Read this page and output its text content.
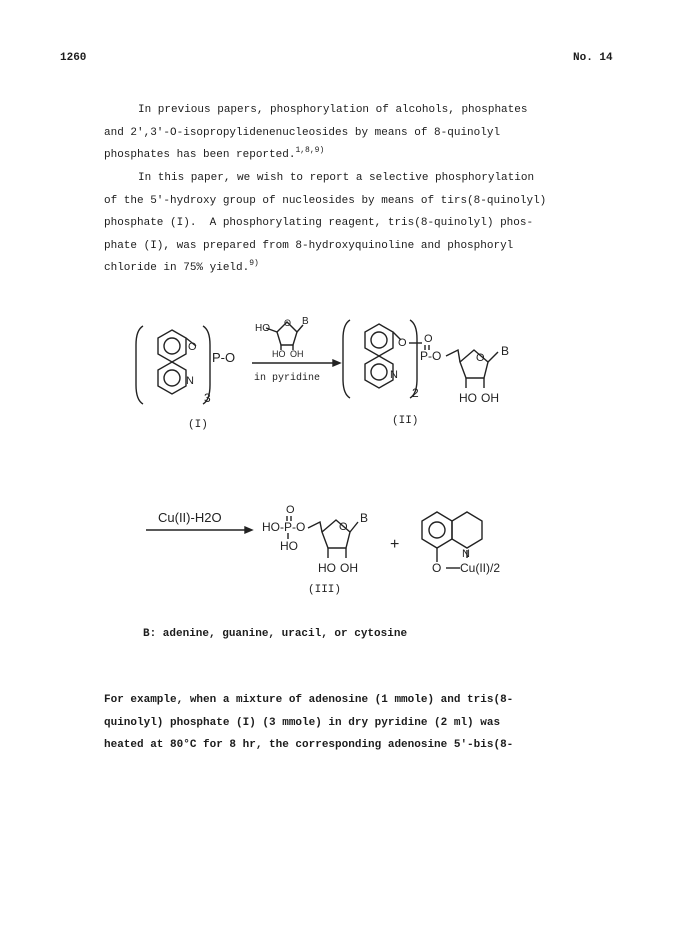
1260	No. 14
In previous papers, phosphorylation of alcohols, phosphates
and 2',3'-O-isopropylidenenucleosides by means of 8-quinolyl
phosphates has been reported.$^{1,8,9)}$
In this paper, we wish to report a selective phosphorylation
of the 5'-hydroxy group of nucleosides by means of tirs(8-quinolyl)
phosphate (I).  A phosphorylating reagent, tris(8-quinolyl) phos-
phate (I), was prepared from 8-hydroxyquinoline and phosphoryl
chloride in 75% yield.$^{9)}$
O
N
P-O
3
(I)
HO O B
HO OH
in pyridine
O
N
2
O
P-O	O B
HO OH
(II)
Cu(II)-H2O	O
HO-P-O
HO
O
B
HO OH
(III)
+
N
O Cu(II)/2
B: adenine, guanine, uracil, or cytosine
For example, when a mixture of adenosine (1 mmole) and tris(8-
quinolyl) phosphate (I) (3 mmole) in dry pyridine (2 ml) was
heated at 80°C for 8 hr, the corresponding adenosine 5'-bis(8-
